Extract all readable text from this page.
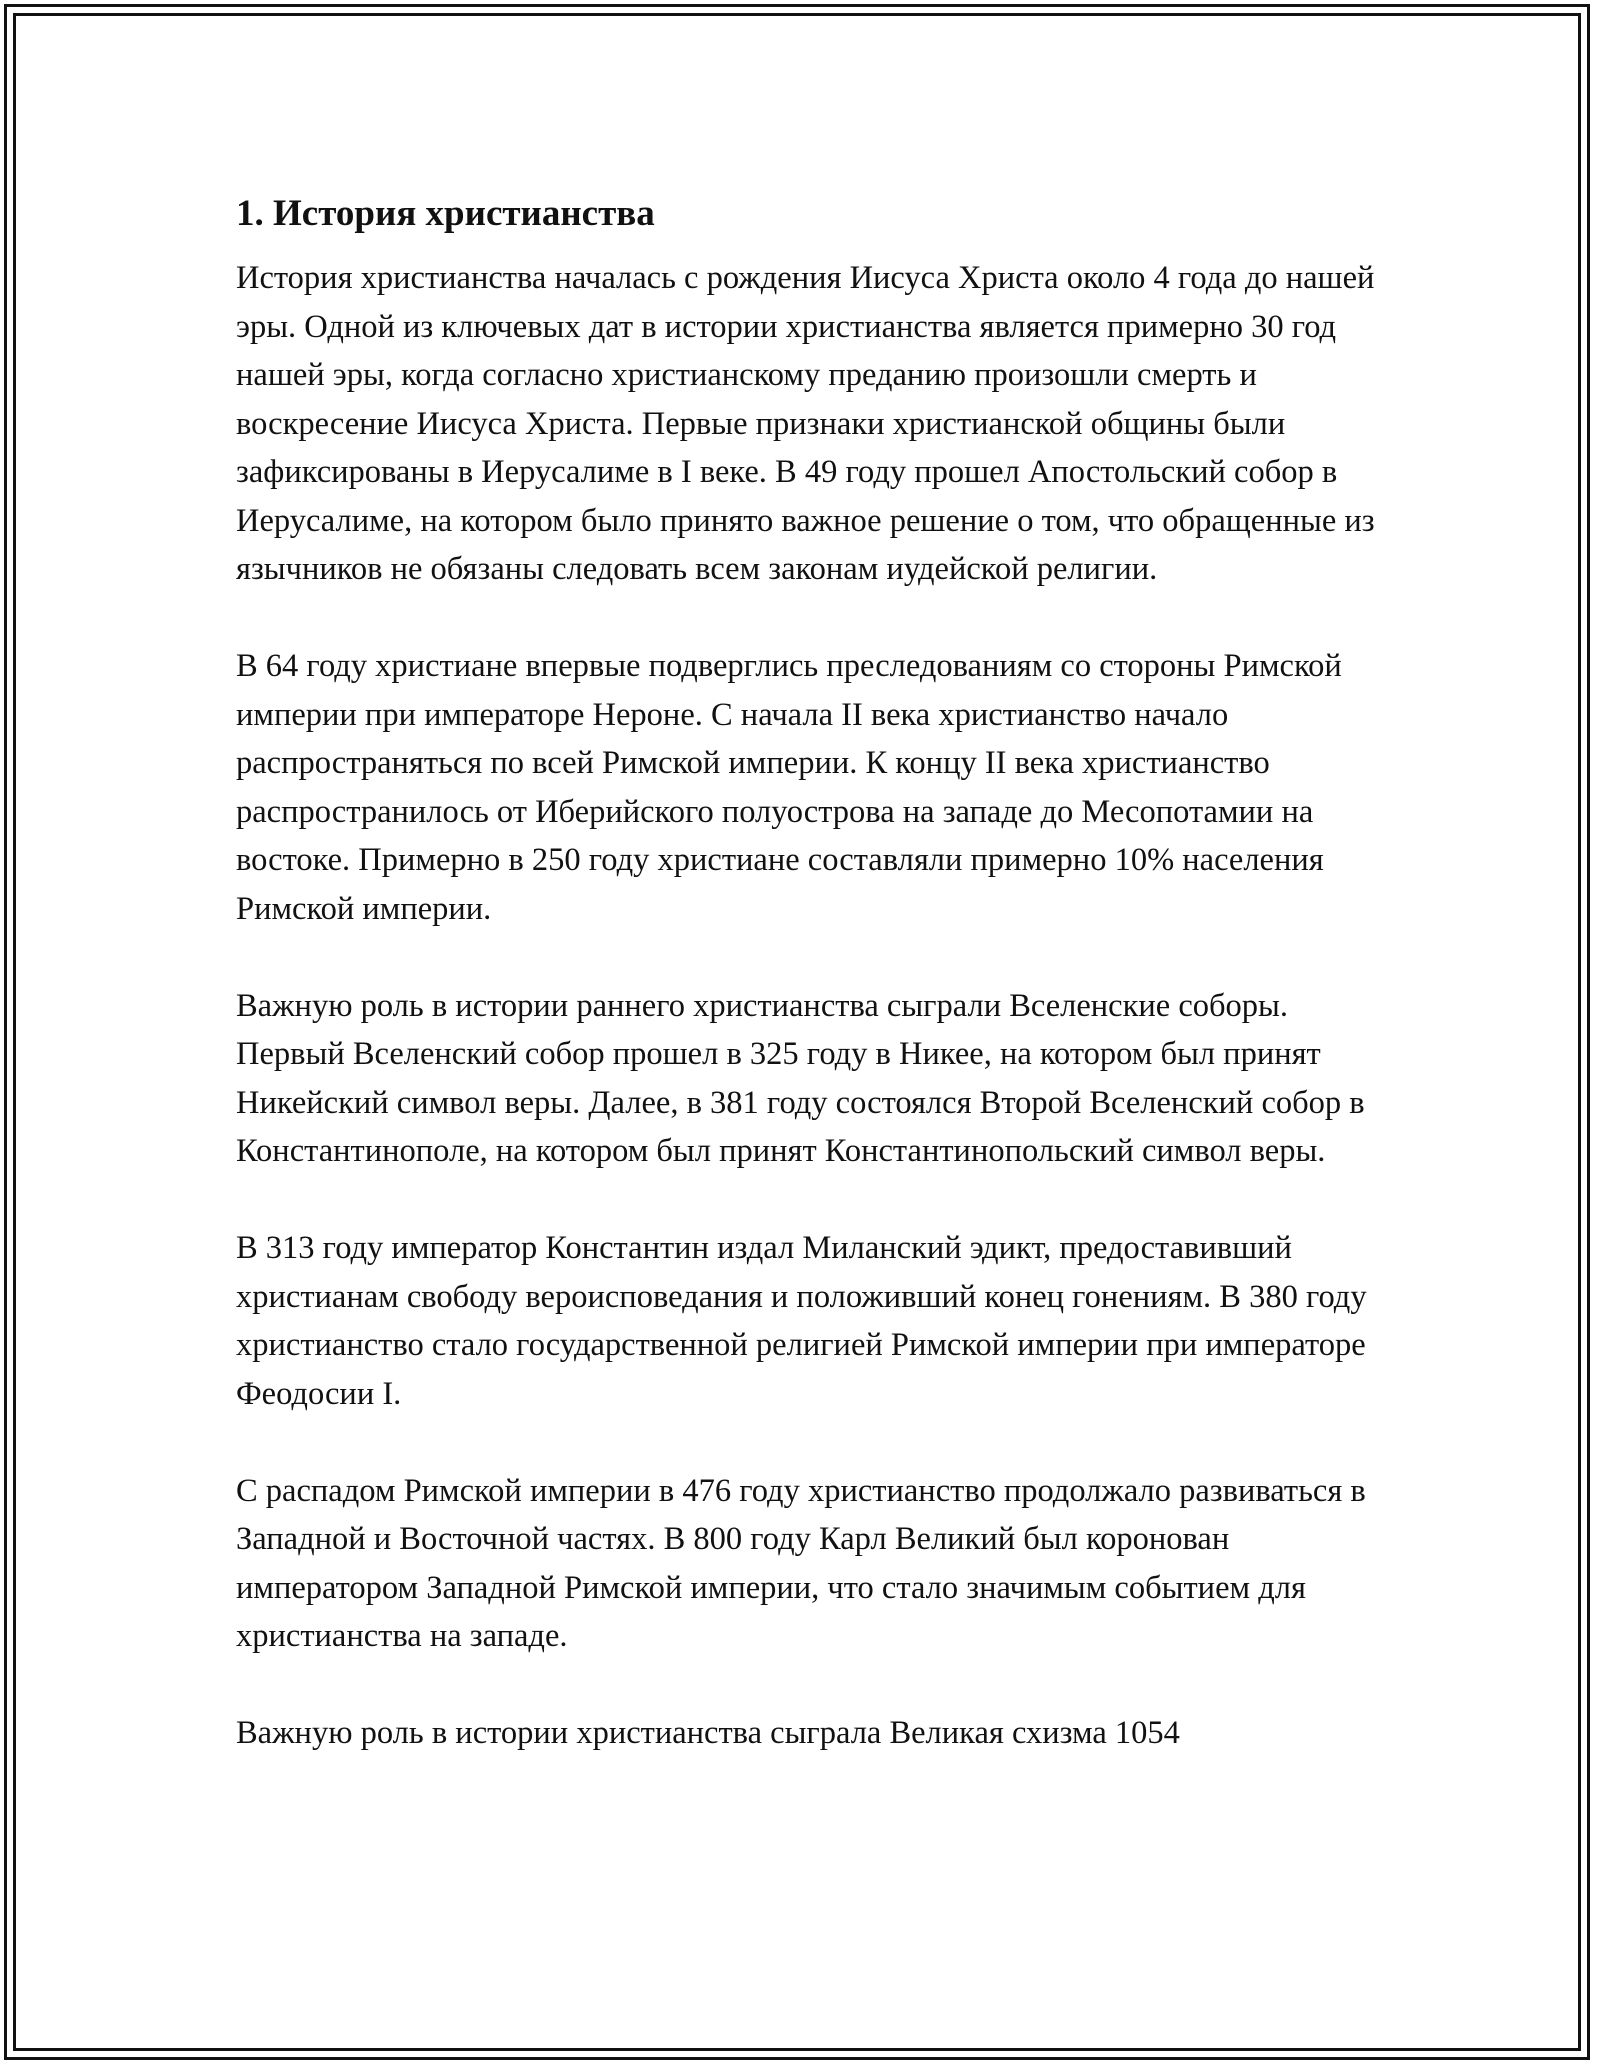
1. История христианства

История христианства началась с рождения Иисуса Христа около 4 года до нашей эры. Одной из ключевых дат в истории христианства является примерно 30 год нашей эры, когда согласно христианскому преданию произошли смерть и воскресение Иисуса Христа. Первые признаки христианской общины были зафиксированы в Иерусалиме в I веке. В 49 году прошел Апостольский собор в Иерусалиме, на котором было принято важное решение о том, что обращенные из язычников не обязаны следовать всем законам иудейской религии.

В 64 году христиане впервые подверглись преследованиям со стороны Римской империи при императоре Нероне. С начала II века христианство начало распространяться по всей Римской империи. К концу II века христианство распространилось от Иберийского полуострова на западе до Месопотамии на востоке. Примерно в 250 году христиане составляли примерно 10% населения Римской империи.

Важную роль в истории раннего христианства сыграли Вселенские соборы. Первый Вселенский собор прошел в 325 году в Никее, на котором был принят Никейский символ веры. Далее, в 381 году состоялся Второй Вселенский собор в Константинополе, на котором был принят Константинопольский символ веры.

В 313 году император Константин издал Миланский эдикт, предоставивший христианам свободу вероисповедания и положивший конец гонениям. В 380 году христианство стало государственной религией Римской империи при императоре Феодосии I.

С распадом Римской империи в 476 году христианство продолжало развиваться в Западной и Восточной частях. В 800 году Карл Великий был коронован императором Западной Римской империи, что стало значимым событием для христианства на западе.

Важную роль в истории христианства сыграла Великая схизма 1054
